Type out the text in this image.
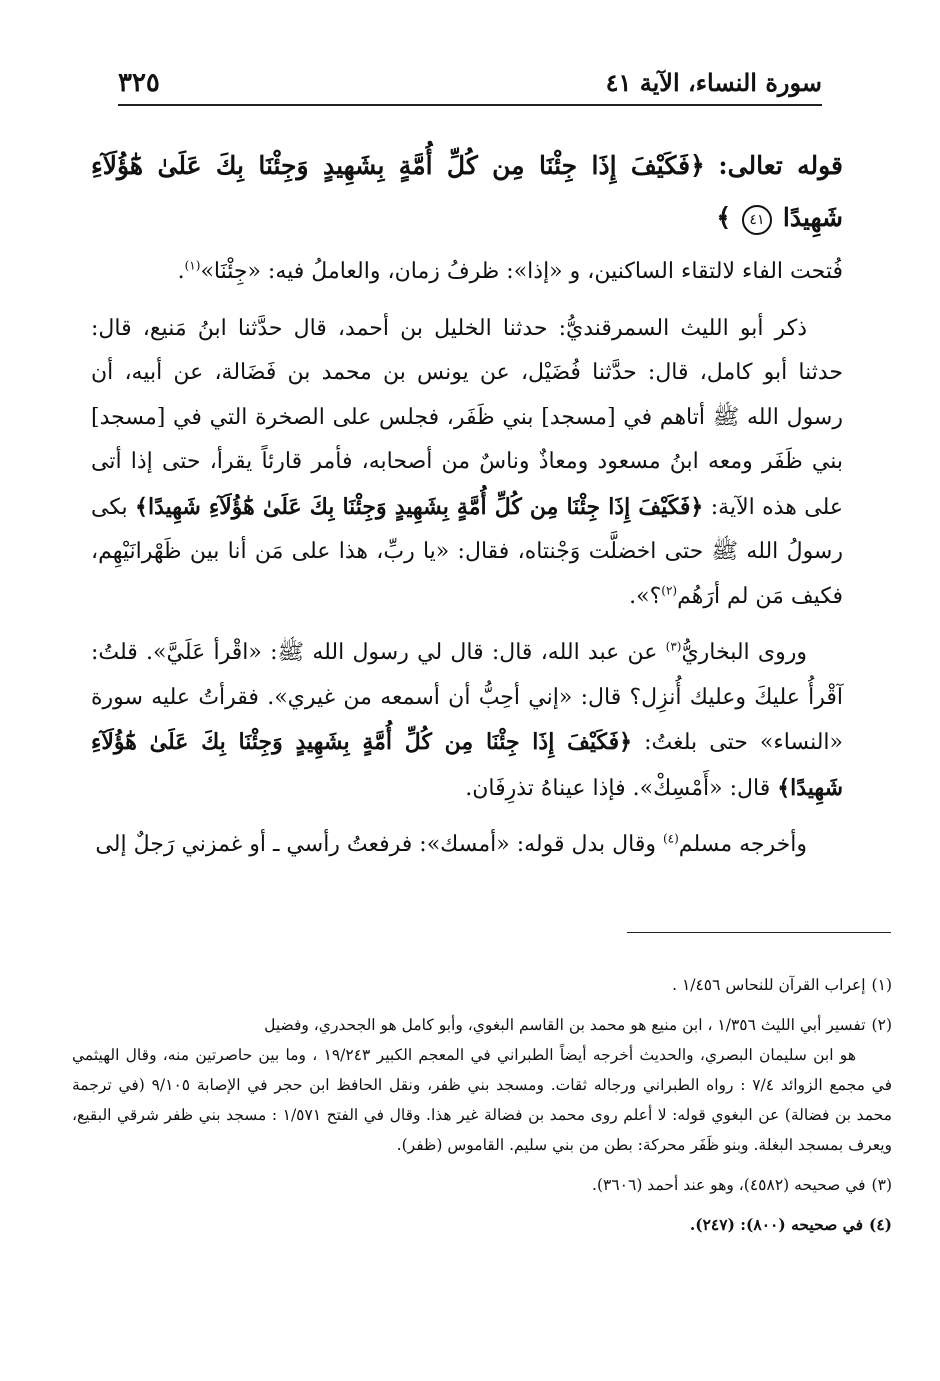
سورة النساء، الآية ٤١
٣٢٥

قوله تعالى: ﴿فَكَيْفَ إِذَا جِئْنَا مِن كُلِّ أُمَّةٍ بِشَهِيدٍ وَجِئْنَا بِكَ عَلَىٰ هَٰٓؤُلَآءِ شَهِيدًا ٤١ ﴾

فُتحت الفاء لالتقاء الساكنين، و «إذا»: ظرفُ زمان، والعاملُ فيه: «جِئْنَا»$^{(١)}$.

ذكر أبو الليث السمرقنديُّ: حدثنا الخليل بن أحمد، قال حدَّثنا ابنُ مَنيع، قال: حدثنا أبو كامل، قال: حدَّثنا فُضَيْل، عن يونس بن محمد بن فَضَالة، عن أبيه، أن رسول الله ﷺ أتاهم في [مسجد] بني ظَفَر، فجلس على الصخرة التي في [مسجد] بني ظَفَر ومعه ابنُ مسعود ومعاذٌ وناسٌ من أصحابه، فأمر قارئاً يقرأ، حتى إذا أتى على هذه الآية: ﴿فَكَيْفَ إِذَا جِئْنَا مِن كُلِّ أُمَّةٍ بِشَهِيدٍ وَجِئْنَا بِكَ عَلَىٰ هَٰٓؤُلَآءِ شَهِيدًا﴾ بكى رسولُ الله ﷺ حتى اخضلَّت وَجْنتاه، فقال: «يا ربِّ، هذا على مَن أنا بين ظَهْرانَيْهِم، فكيف مَن لم أرَهُم$^{(٢)}$؟».

وروى البخاريُّ$^{(٣)}$ عن عبد الله، قال: قال لي رسول الله ﷺ: «اقْرأ عَلَيَّ». قلتُ: آقْرأُ عليكَ وعليك أُنزِل؟ قال: «إني أحِبُّ أن أسمعه من غيري». فقرأتُ عليه سورة «النساء» حتى بلغتُ: ﴿فَكَيْفَ إِذَا جِئْنَا مِن كُلِّ أُمَّةٍ بِشَهِيدٍ وَجِئْنَا بِكَ عَلَىٰ هَٰٓؤُلَآءِ شَهِيدًا﴾ قال: «أَمْسِكْ». فإذا عيناهُ تذرِفَان.

وأخرجه مسلم$^{(٤)}$ وقال بدل قوله: «أمسك»: فرفعتُ رأسي ـ أو غمزني رَجلٌ إلى

(١)إعراب القرآن للنحاس ١/٤٥٦ .

(٢)تفسير أبي الليث ١/٣٥٦ ، ابن منيع هو محمد بن القاسم البغوي، وأبو كامل هو الجحدري، وفضيل
هو ابن سليمان البصري، والحديث أخرجه أيضاً الطبراني في المعجم الكبير ١٩/٢٤٣ ، وما بين حاصرتين منه، وقال الهيثمي في مجمع الزوائد ٧/٤ : رواه الطبراني ورجاله ثقات. ومسجد بني ظفر، ونقل الحافظ ابن حجر في الإصابة ٩/١٠٥ (في ترجمة محمد بن فضالة) عن البغوي قوله: لا أعلم روى محمد بن فضالة غير هذا. وقال في الفتح ١/٥٧١ : مسجد بني ظفر شرقي البقيع، ويعرف بمسجد البغلة. وبنو ظَفَر محركة: بطن من بني سليم. القاموس (ظفر).

(٣)في صحيحه (٤٥٨٢)، وهو عند أحمد (٣٦٠٦).

(٤)في صحيحه (٨٠٠): (٢٤٧).
